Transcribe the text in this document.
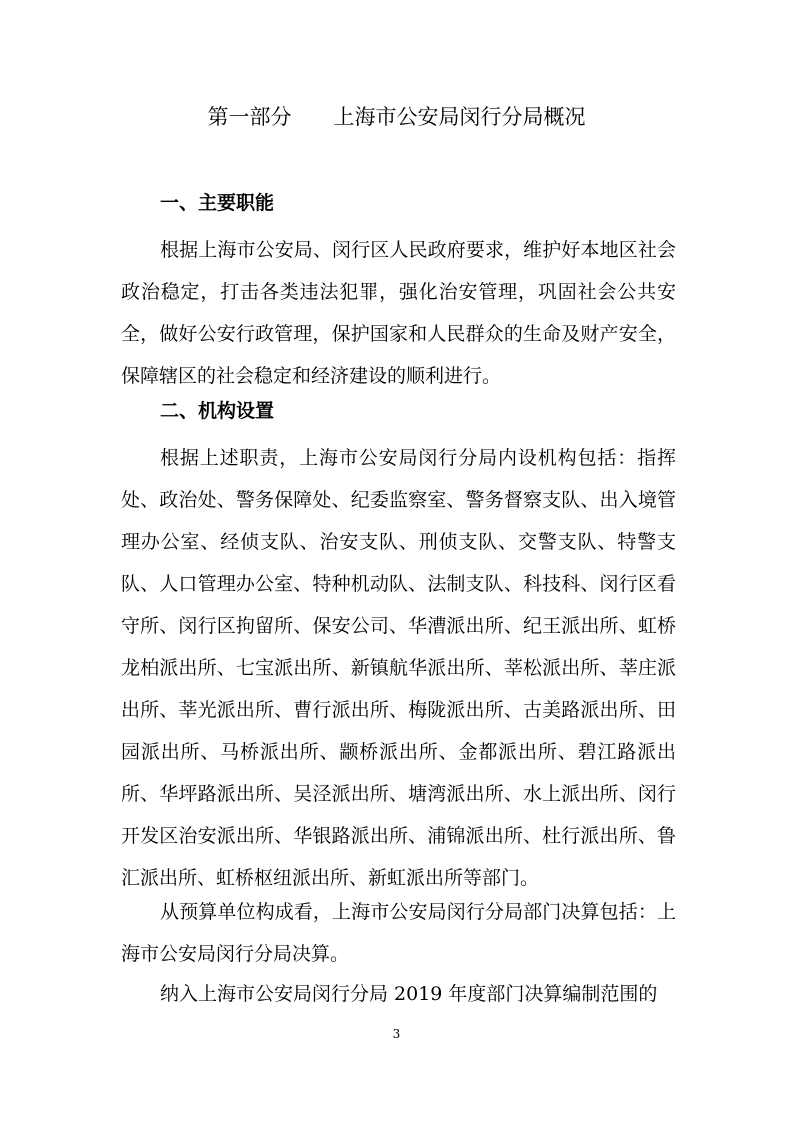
第一部分　　上海市公安局闵行分局概况
一、主要职能
根据上海市公安局、闵行区人民政府要求，维护好本地区社会政治稳定，打击各类违法犯罪，强化治安管理，巩固社会公共安全，做好公安行政管理，保护国家和人民群众的生命及财产安全，保障辖区的社会稳定和经济建设的顺利进行。
二、机构设置
根据上述职责，上海市公安局闵行分局内设机构包括：指挥处、政治处、警务保障处、纪委监察室、警务督察支队、出入境管理办公室、经侦支队、治安支队、刑侦支队、交警支队、特警支队、人口管理办公室、特种机动队、法制支队、科技科、闵行区看守所、闵行区拘留所、保安公司、华漕派出所、纪王派出所、虹桥龙柏派出所、七宝派出所、新镇航华派出所、莘松派出所、莘庄派出所、莘光派出所、曹行派出所、梅陇派出所、古美路派出所、田园派出所、马桥派出所、颛桥派出所、金都派出所、碧江路派出所、华坪路派出所、吴泾派出所、塘湾派出所、水上派出所、闵行开发区治安派出所、华银路派出所、浦锦派出所、杜行派出所、鲁汇派出所、虹桥枢纽派出所、新虹派出所等部门。
从预算单位构成看，上海市公安局闵行分局部门决算包括：上海市公安局闵行分局决算。
纳入上海市公安局闵行分局 2019 年度部门决算编制范围的
3
